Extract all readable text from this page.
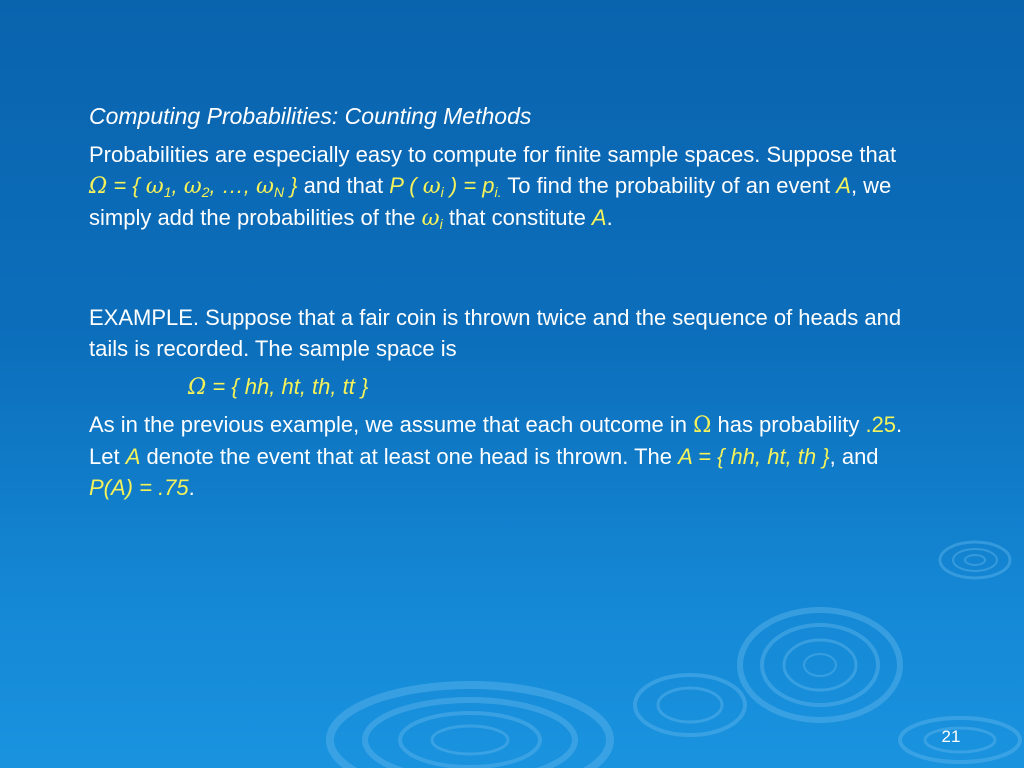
Computing Probabilities: Counting Methods

Probabilities are especially easy to compute for finite sample spaces. Suppose that Ω = { $\omega_1$, $\omega_2$, …, $\omega_N$ } and that P ( $\omega_i$ ) = $p_{i.}$ To find the probability of an event A, we simply add the probabilities of the $\omega_i$ that constitute A.

EXAMPLE. Suppose that a fair coin is thrown twice and the sequence of heads and tails is recorded. The sample space is

Ω = { hh, ht, th, tt }

As in the previous example, we assume that each outcome in Ω has probability .25. Let A denote the event that at least one head is thrown. The A = { hh, ht, th }, and P(A) = .75.

21
